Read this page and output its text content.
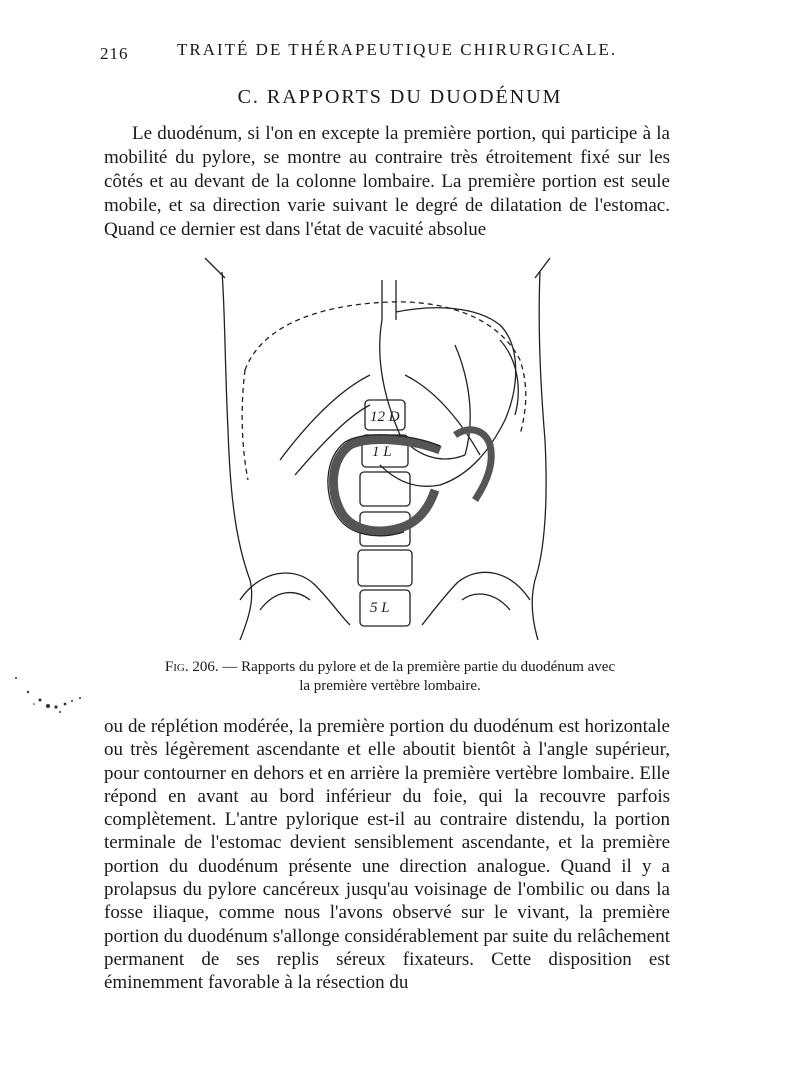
216	TRAITÉ DE THÉRAPEUTIQUE CHIRURGICALE.
C. RAPPORTS DU DUODÉNUM
Le duodénum, si l'on en excepte la première portion, qui participe à la mobilité du pylore, se montre au contraire très étroitement fixé sur les côtés et au devant de la colonne lombaire. La première portion est seule mobile, et sa direction varie suivant le degré de dilatation de l'estomac. Quand ce dernier est dans l'état de vacuité absolue
12 D
1 L
5 L
Fig. 206. — Rapports du pylore et de la première partie du duodénum avec la première vertèbre lombaire.
ou de réplétion modérée, la première portion du duodénum est horizontale ou très légèrement ascendante et elle aboutit bientôt à l'angle supérieur, pour contourner en dehors et en arrière la première vertèbre lombaire. Elle répond en avant au bord inférieur du foie, qui la recouvre parfois complètement. L'antre pylorique est-il au contraire distendu, la portion terminale de l'estomac devient sensiblement ascendante, et la première portion du duodénum présente une direction analogue. Quand il y a prolapsus du pylore cancéreux jusqu'au voisinage de l'ombilic ou dans la fosse iliaque, comme nous l'avons observé sur le vivant, la première portion du duodénum s'allonge considérablement par suite du relâchement permanent de ses replis séreux fixateurs. Cette disposition est éminemment favorable à la résection du
